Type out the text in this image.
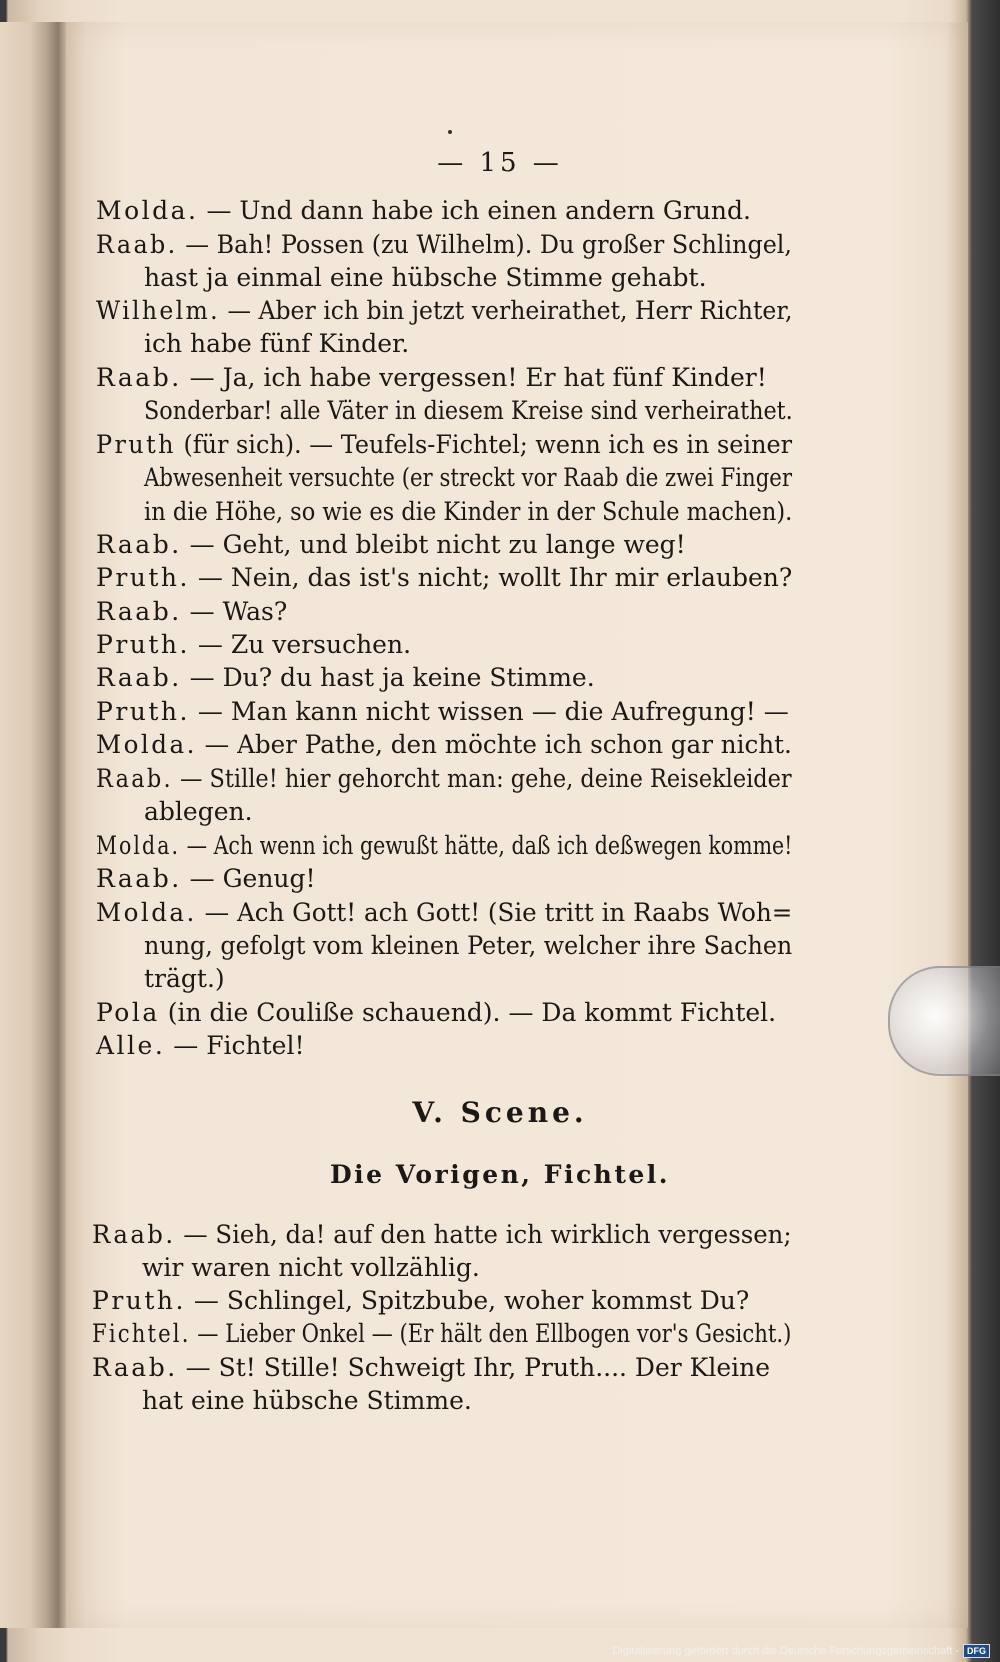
— 15 —

Molda. — Und dann habe ich einen andern Grund.

Raab. — Bah! Possen (zu Wilhelm). Du großer Schlingel,

hast ja einmal eine hübsche Stimme gehabt.

Wilhelm. — Aber ich bin jetzt verheirathet, Herr Richter,

ich habe fünf Kinder.

Raab. — Ja, ich habe vergessen! Er hat fünf Kinder!

Sonderbar! alle Väter in diesem Kreise sind verheirathet.

Pruth (für sich). — Teufels-Fichtel; wenn ich es in seiner

Abwesenheit versuchte (er streckt vor Raab die zwei Finger

in die Höhe, so wie es die Kinder in der Schule machen).

Raab. — Geht, und bleibt nicht zu lange weg!

Pruth. — Nein, das ist's nicht; wollt Ihr mir erlauben?

Raab. — Was?

Pruth. — Zu versuchen.

Raab. — Du? du hast ja keine Stimme.

Pruth. — Man kann nicht wissen — die Aufregung! —

Molda. — Aber Pathe, den möchte ich schon gar nicht.

Raab. — Stille! hier gehorcht man: gehe, deine Reisekleider

ablegen.

Molda. — Ach wenn ich gewußt hätte, daß ich deßwegen komme!

Raab. — Genug!

Molda. — Ach Gott! ach Gott! (Sie tritt in Raabs Woh=

nung, gefolgt vom kleinen Peter, welcher ihre Sachen

trägt.)

Pola (in die Couliße schauend). — Da kommt Fichtel.

Alle. — Fichtel!

V. Scene.
Die Vorigen, Fichtel.

Raab. — Sieh, da! auf den hatte ich wirklich vergessen;

wir waren nicht vollzählig.

Pruth. — Schlingel, Spitzbube, woher kommst Du?

Fichtel. — Lieber Onkel — (Er hält den Ellbogen vor's Gesicht.)

Raab. — St! Stille! Schweigt Ihr, Pruth.... Der Kleine

hat eine hübsche Stimme.

Digitalisierung gefördert durch die Deutsche Forschungsgemeinschaft - DFG
